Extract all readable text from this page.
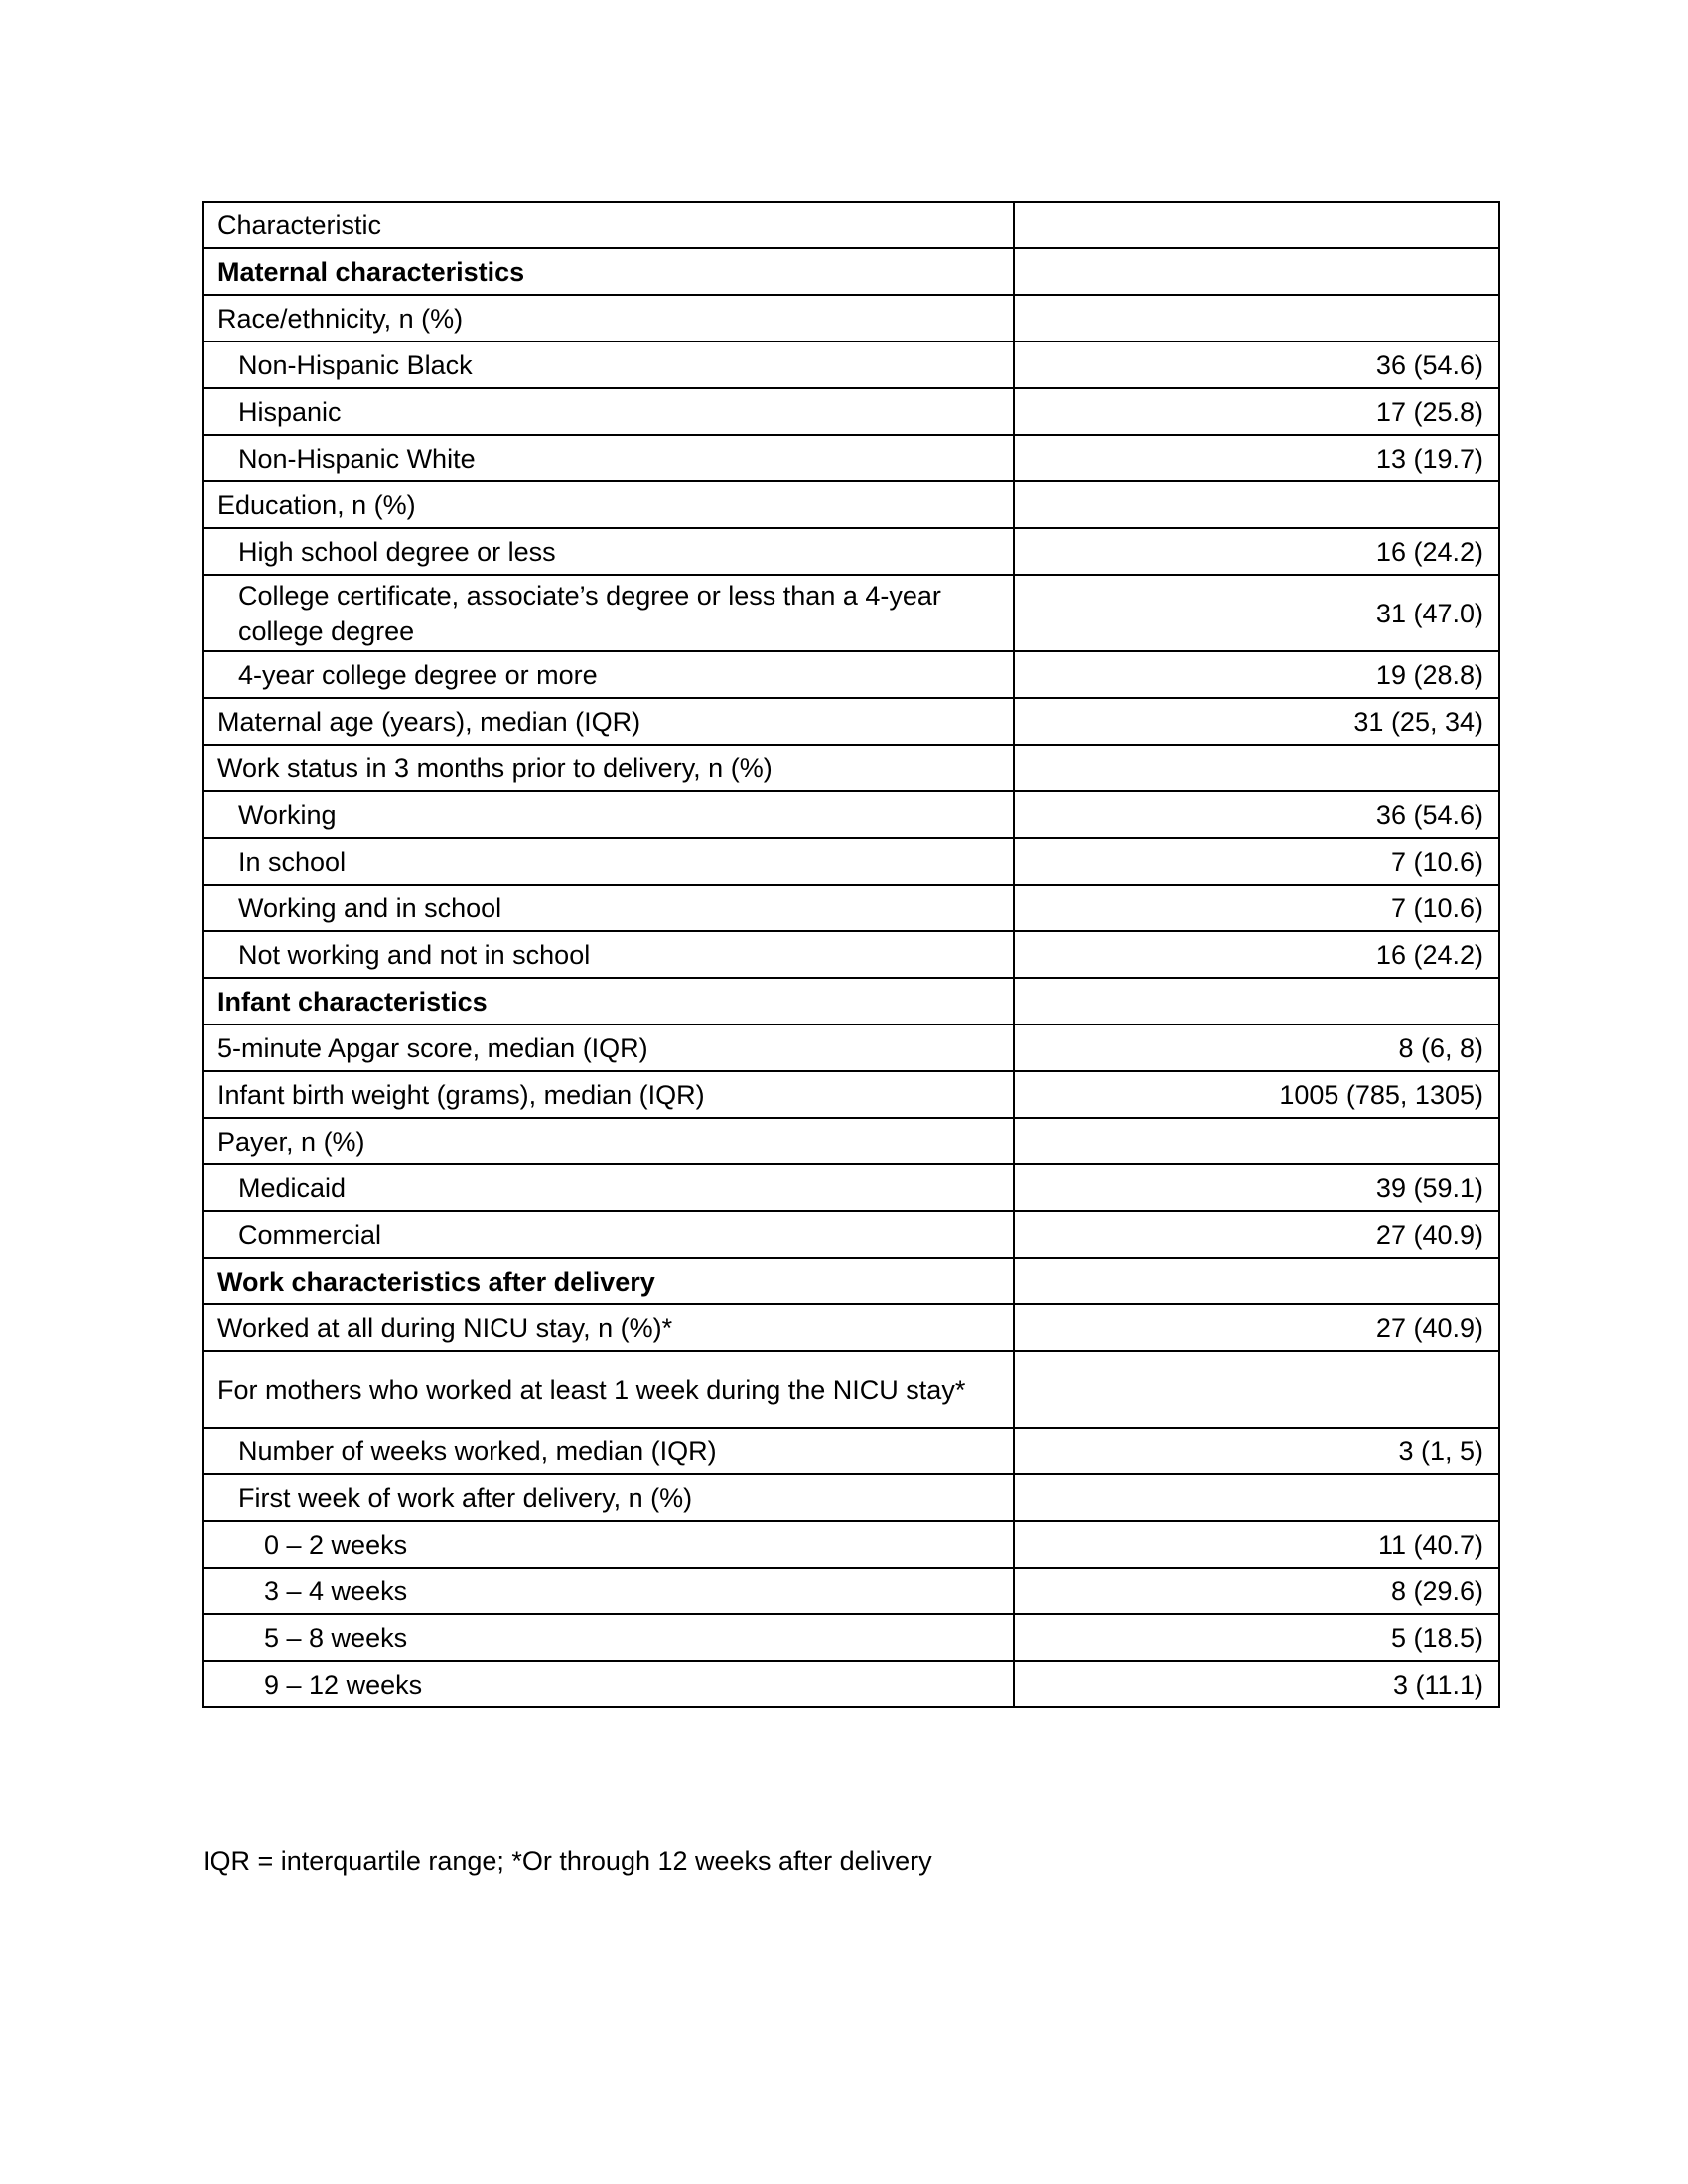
Characteristic	
Maternal characteristics	
Race/ethnicity, n (%)	
Non-Hispanic Black	36 (54.6)
Hispanic	17 (25.8)
Non-Hispanic White	13 (19.7)
Education, n (%)	
High school degree or less	16 (24.2)
College certificate, associate’s degree or less than a 4-year college degree	31 (47.0)
4-year college degree or more	19 (28.8)
Maternal age (years), median (IQR)	31 (25, 34)
Work status in 3 months prior to delivery, n (%)	
Working	36 (54.6)
In school	7 (10.6)
Working and in school	7 (10.6)
Not working and not in school	16 (24.2)
Infant characteristics	
5-minute Apgar score, median (IQR)	8 (6, 8)
Infant birth weight (grams), median (IQR)	1005 (785, 1305)
Payer, n (%)	
Medicaid	39 (59.1)
Commercial	27 (40.9)
Work characteristics after delivery	
Worked at all during NICU stay, n (%)*	27 (40.9)
For mothers who worked at least 1 week during the NICU stay*	
Number of weeks worked, median (IQR)	3 (1, 5)
First week of work after delivery, n (%)	
0 – 2 weeks	11 (40.7)
3 – 4 weeks	8 (29.6)
5 – 8 weeks	5 (18.5)
9 – 12 weeks	3 (11.1)
IQR = interquartile range; *Or through 12 weeks after delivery
